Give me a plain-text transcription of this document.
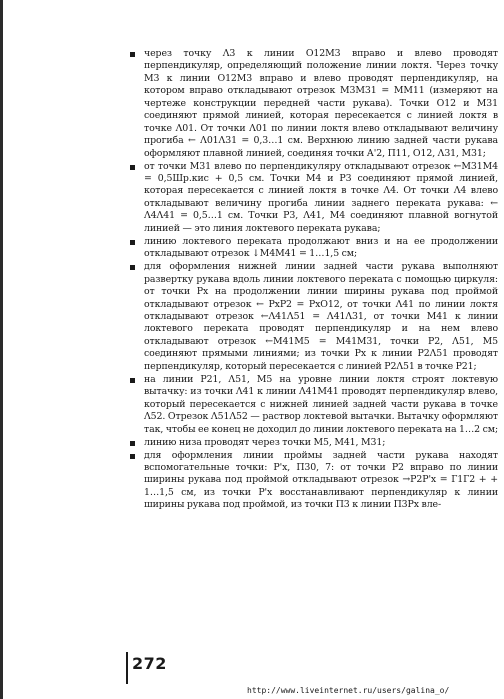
через точку Λ3 к линии O12M3 вправо и влево проводят перпендикуляр, определяющий положение линии локтя. Через точку M3 к линии O12M3 вправо и влево проводят перпендикуляр, на котором вправо откладывают отрезок M3M31 = MM11 (измеряют на чертеже конструкции передней части рукава). Точки O12 и M31 соединяют прямой линией, которая пересекается с линией локтя в точке Λ01. От точки Λ01 по линии локтя влево откладывают величину прогиба ← Λ01Λ31 = 0,3…1 см. Верхнюю линию задней части рукава оформляют плавной линией, соединяя точки А'2, П11, O12, Λ31, M31;
от точки M31 влево по перпендикуляру откладывают отрезок ←M31M4 = 0,5Шр.кис + 0,5 см. Точки M4 и Р3 соединяют прямой линией, которая пересекается с линией локтя в точке Λ4. От точки Λ4 влево откладывают величину прогиба линии заднего переката рукава: ← Λ4Λ41 = 0,5…1 см. Точки Р3, Λ41, M4 соединяют плавной вогнутой линией — это линия локтевого переката рукава;
линию локтевого переката продолжают вниз и на ее продолжении откладывают отрезок ↓M4M41 = 1…1,5 см;
для оформления нижней линии задней части рукава выполняют развертку рукава вдоль линии локтевого переката с помощью циркуля: от точки Рх на продолжении линии ширины рукава под проймой откладывают отрезок ← РхР2 = РхO12, от точки Λ41 по линии локтя откладывают отрезок ←Λ41Λ51 = Λ41Λ31, от точки M41 к линии локтевого переката проводят перпендикуляр и на нем влево откладывают отрезок ←M41M5 = M41M31, точки Р2, Λ51, M5 соединяют прямыми линиями; из точки Рх к линии Р2Λ51 проводят перпендикуляр, который пересекается с линией Р2Λ51 в точке Р21;
на линии Р21, Λ51, M5 на уровне линии локтя строят локтевую вытачку: из точки Λ41 к линии Λ41M41 проводят перпендикуляр влево, который пересекается с нижней линией задней части рукава в точке Λ52. Отрезок Λ51Λ52 — раствор локтевой вытачки. Вытачку оформляют так, чтобы ее конец не доходил до линии локтевого переката на 1…2 см;
линию низа проводят через точки M5, M41, M31;
для оформления линии проймы задней части рукава находят вспомогательные точки: Р'х, П30, 7: от точки Р2 вправо по линии ширины рукава под проймой откладывают отрезок →Р2Р'х = Г1Г2 + + 1…1,5 см, из точки Р'х восстанавливают перпендикуляр к линии ширины рукава под проймой, из точки П3 к линии П3Рх вле-
272
http://www.liveinternet.ru/users/galina_o/
